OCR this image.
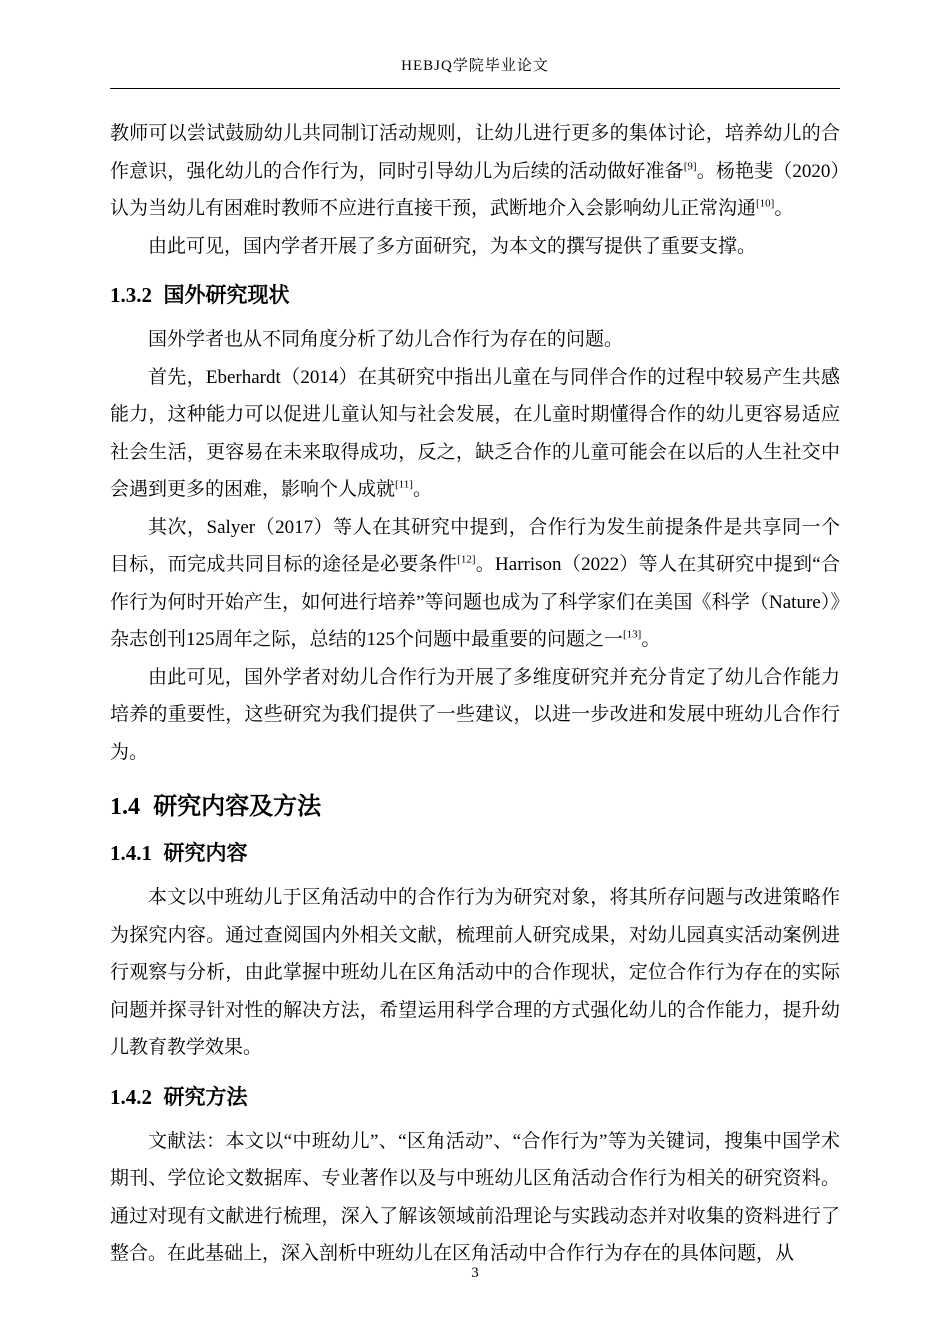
HEBJQ学院毕业论文

教师可以尝试鼓励幼儿共同制订活动规则，让幼儿进行更多的集体讨论，培养幼儿的合作意识，强化幼儿的合作行为，同时引导幼儿为后续的活动做好准备[9]。杨艳斐（2020）认为当幼儿有困难时教师不应进行直接干预，武断地介入会影响幼儿正常沟通[10]。

由此可见，国内学者开展了多方面研究，为本文的撰写提供了重要支撑。

1.3.2 国外研究现状

国外学者也从不同角度分析了幼儿合作行为存在的问题。

首先，Eberhardt（2014）在其研究中指出儿童在与同伴合作的过程中较易产生共感能力，这种能力可以促进儿童认知与社会发展，在儿童时期懂得合作的幼儿更容易适应社会生活，更容易在未来取得成功，反之，缺乏合作的儿童可能会在以后的人生社交中会遇到更多的困难，影响个人成就[11]。

其次，Salyer（2017）等人在其研究中提到，合作行为发生前提条件是共享同一个目标，而完成共同目标的途径是必要条件[12]。Harrison（2022）等人在其研究中提到“合作行为何时开始产生，如何进行培养”等问题也成为了科学家们在美国《科学（Nature）》杂志创刊125周年之际，总结的125个问题中最重要的问题之一[13]。

由此可见，国外学者对幼儿合作行为开展了多维度研究并充分肯定了幼儿合作能力培养的重要性，这些研究为我们提供了一些建议，以进一步改进和发展中班幼儿合作行为。

1.4 研究内容及方法
1.4.1 研究内容

本文以中班幼儿于区角活动中的合作行为为研究对象，将其所存问题与改进策略作为探究内容。通过查阅国内外相关文献，梳理前人研究成果，对幼儿园真实活动案例进行观察与分析，由此掌握中班幼儿在区角活动中的合作现状，定位合作行为存在的实际问题并探寻针对性的解决方法，希望运用科学合理的方式强化幼儿的合作能力，提升幼儿教育教学效果。

1.4.2 研究方法

文献法：本文以“中班幼儿”、“区角活动”、“合作行为”等为关键词，搜集中国学术期刊、学位论文数据库、专业著作以及与中班幼儿区角活动合作行为相关的研究资料。通过对现有文献进行梳理，深入了解该领域前沿理论与实践动态并对收集的资料进行了整合。在此基础上，深入剖析中班幼儿在区角活动中合作行为存在的具体问题，从

3
